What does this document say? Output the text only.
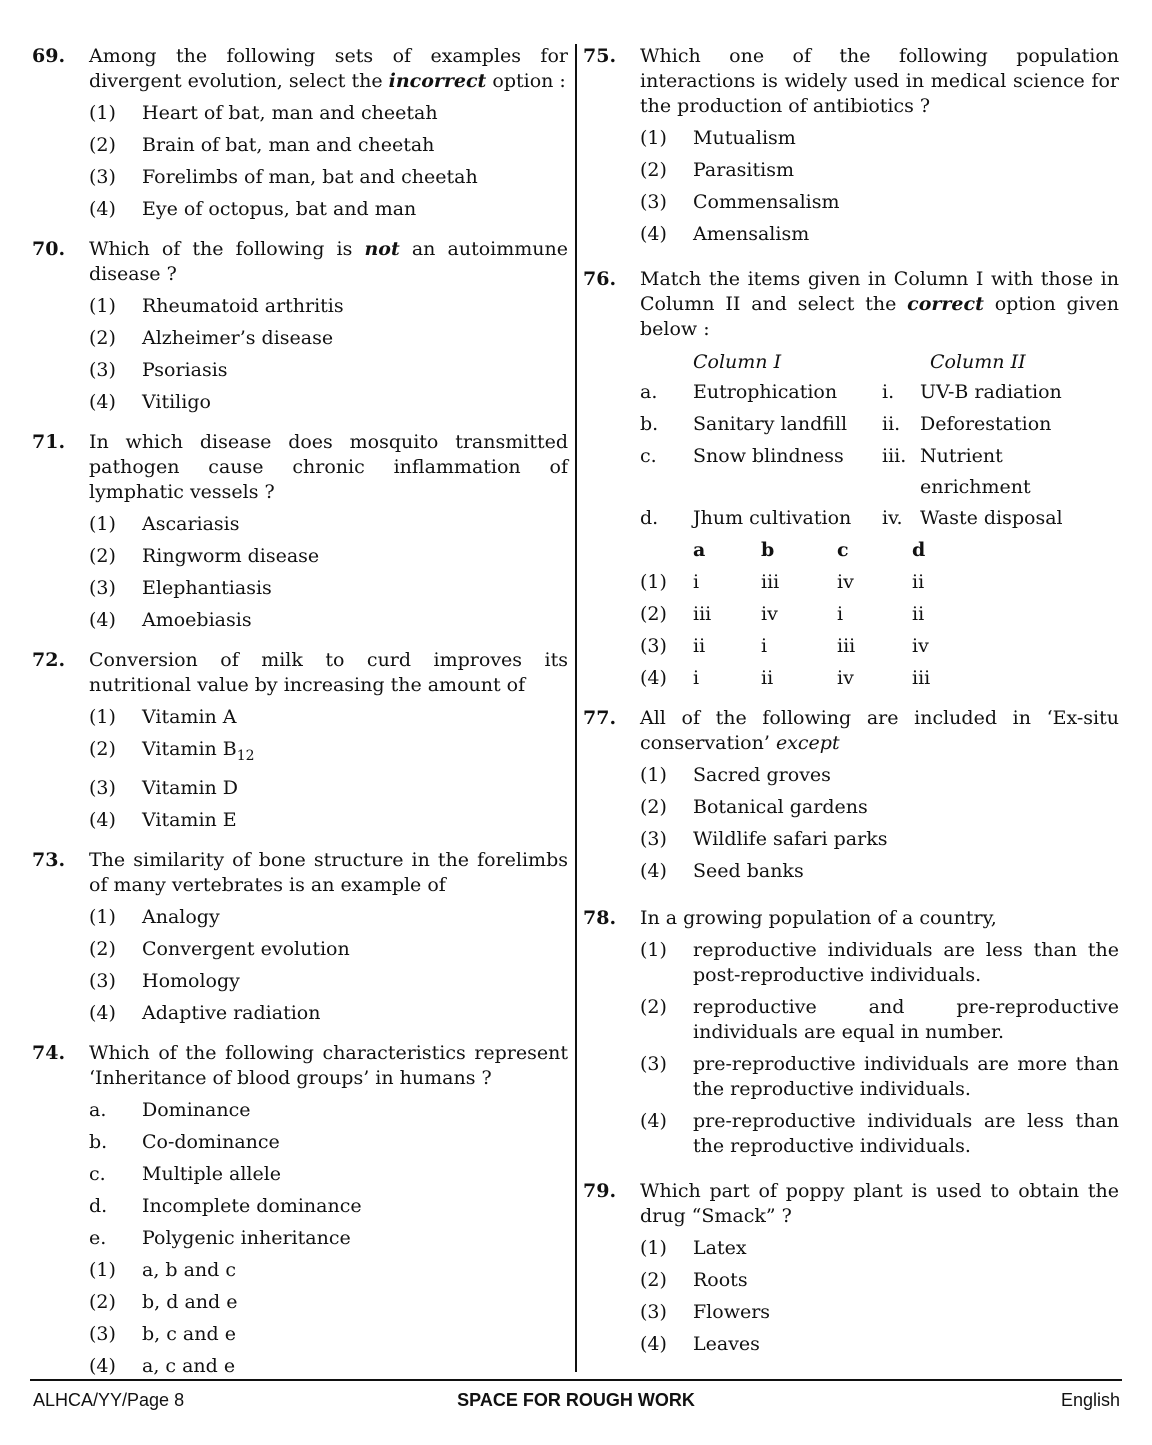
69. Among the following sets of examples for divergent evolution, select the incorrect option :
(1) Heart of bat, man and cheetah
(2) Brain of bat, man and cheetah
(3) Forelimbs of man, bat and cheetah
(4) Eye of octopus, bat and man
70. Which of the following is not an autoimmune disease ?
(1) Rheumatoid arthritis
(2) Alzheimer’s disease
(3) Psoriasis
(4) Vitiligo
71. In which disease does mosquito transmitted pathogen cause chronic inflammation of lymphatic vessels ?
(1) Ascariasis
(2) Ringworm disease
(3) Elephantiasis
(4) Amoebiasis
72. Conversion of milk to curd improves its nutritional value by increasing the amount of
(1) Vitamin A
(2) Vitamin $B_{12}$
(3) Vitamin D
(4) Vitamin E
73. The similarity of bone structure in the forelimbs of many vertebrates is an example of
(1) Analogy
(2) Convergent evolution
(3) Homology
(4) Adaptive radiation
74. Which of the following characteristics represent ‘Inheritance of blood groups’ in humans ?
a. Dominance
b. Co-dominance
c. Multiple allele
d. Incomplete dominance
e. Polygenic inheritance
(1) a, b and c
(2) b, d and e
(3) b, c and e
(4) a, c and e
75. Which one of the following population interactions is widely used in medical science for the production of antibiotics ?
(1) Mutualism
(2) Parasitism
(3) Commensalism
(4) Amensalism
76. Match the items given in Column I with those in Column II and select the correct option given below :
Column I	Column II
a. Eutrophication i. UV-B radiation
b. Sanitary landfill ii. Deforestation
c. Snow blindness iii. Nutrient
enrichment
d. Jhum cultivation iv. Waste disposal
a	b	c	d
(1) i	iii	iv	ii
(2) iii	iv	i	ii
(3) ii	i	iii	iv
(4) i	ii	iv	iii
77. All of the following are included in ‘Ex-situ conservation’ except
(1) Sacred groves
(2) Botanical gardens
(3) Wildlife safari parks
(4) Seed banks
78. In a growing population of a country,
(1) reproductive individuals are less than the post-reproductive individuals.
(2) reproductive and pre-reproductive individuals are equal in number.
(3) pre-reproductive individuals are more than the reproductive individuals.
(4) pre-reproductive individuals are less than the reproductive individuals.
79. Which part of poppy plant is used to obtain the drug “Smack” ?
(1) Latex
(2) Roots
(3) Flowers
(4) Leaves
ALHCA/YY/Page 8	SPACE FOR ROUGH WORK	English
